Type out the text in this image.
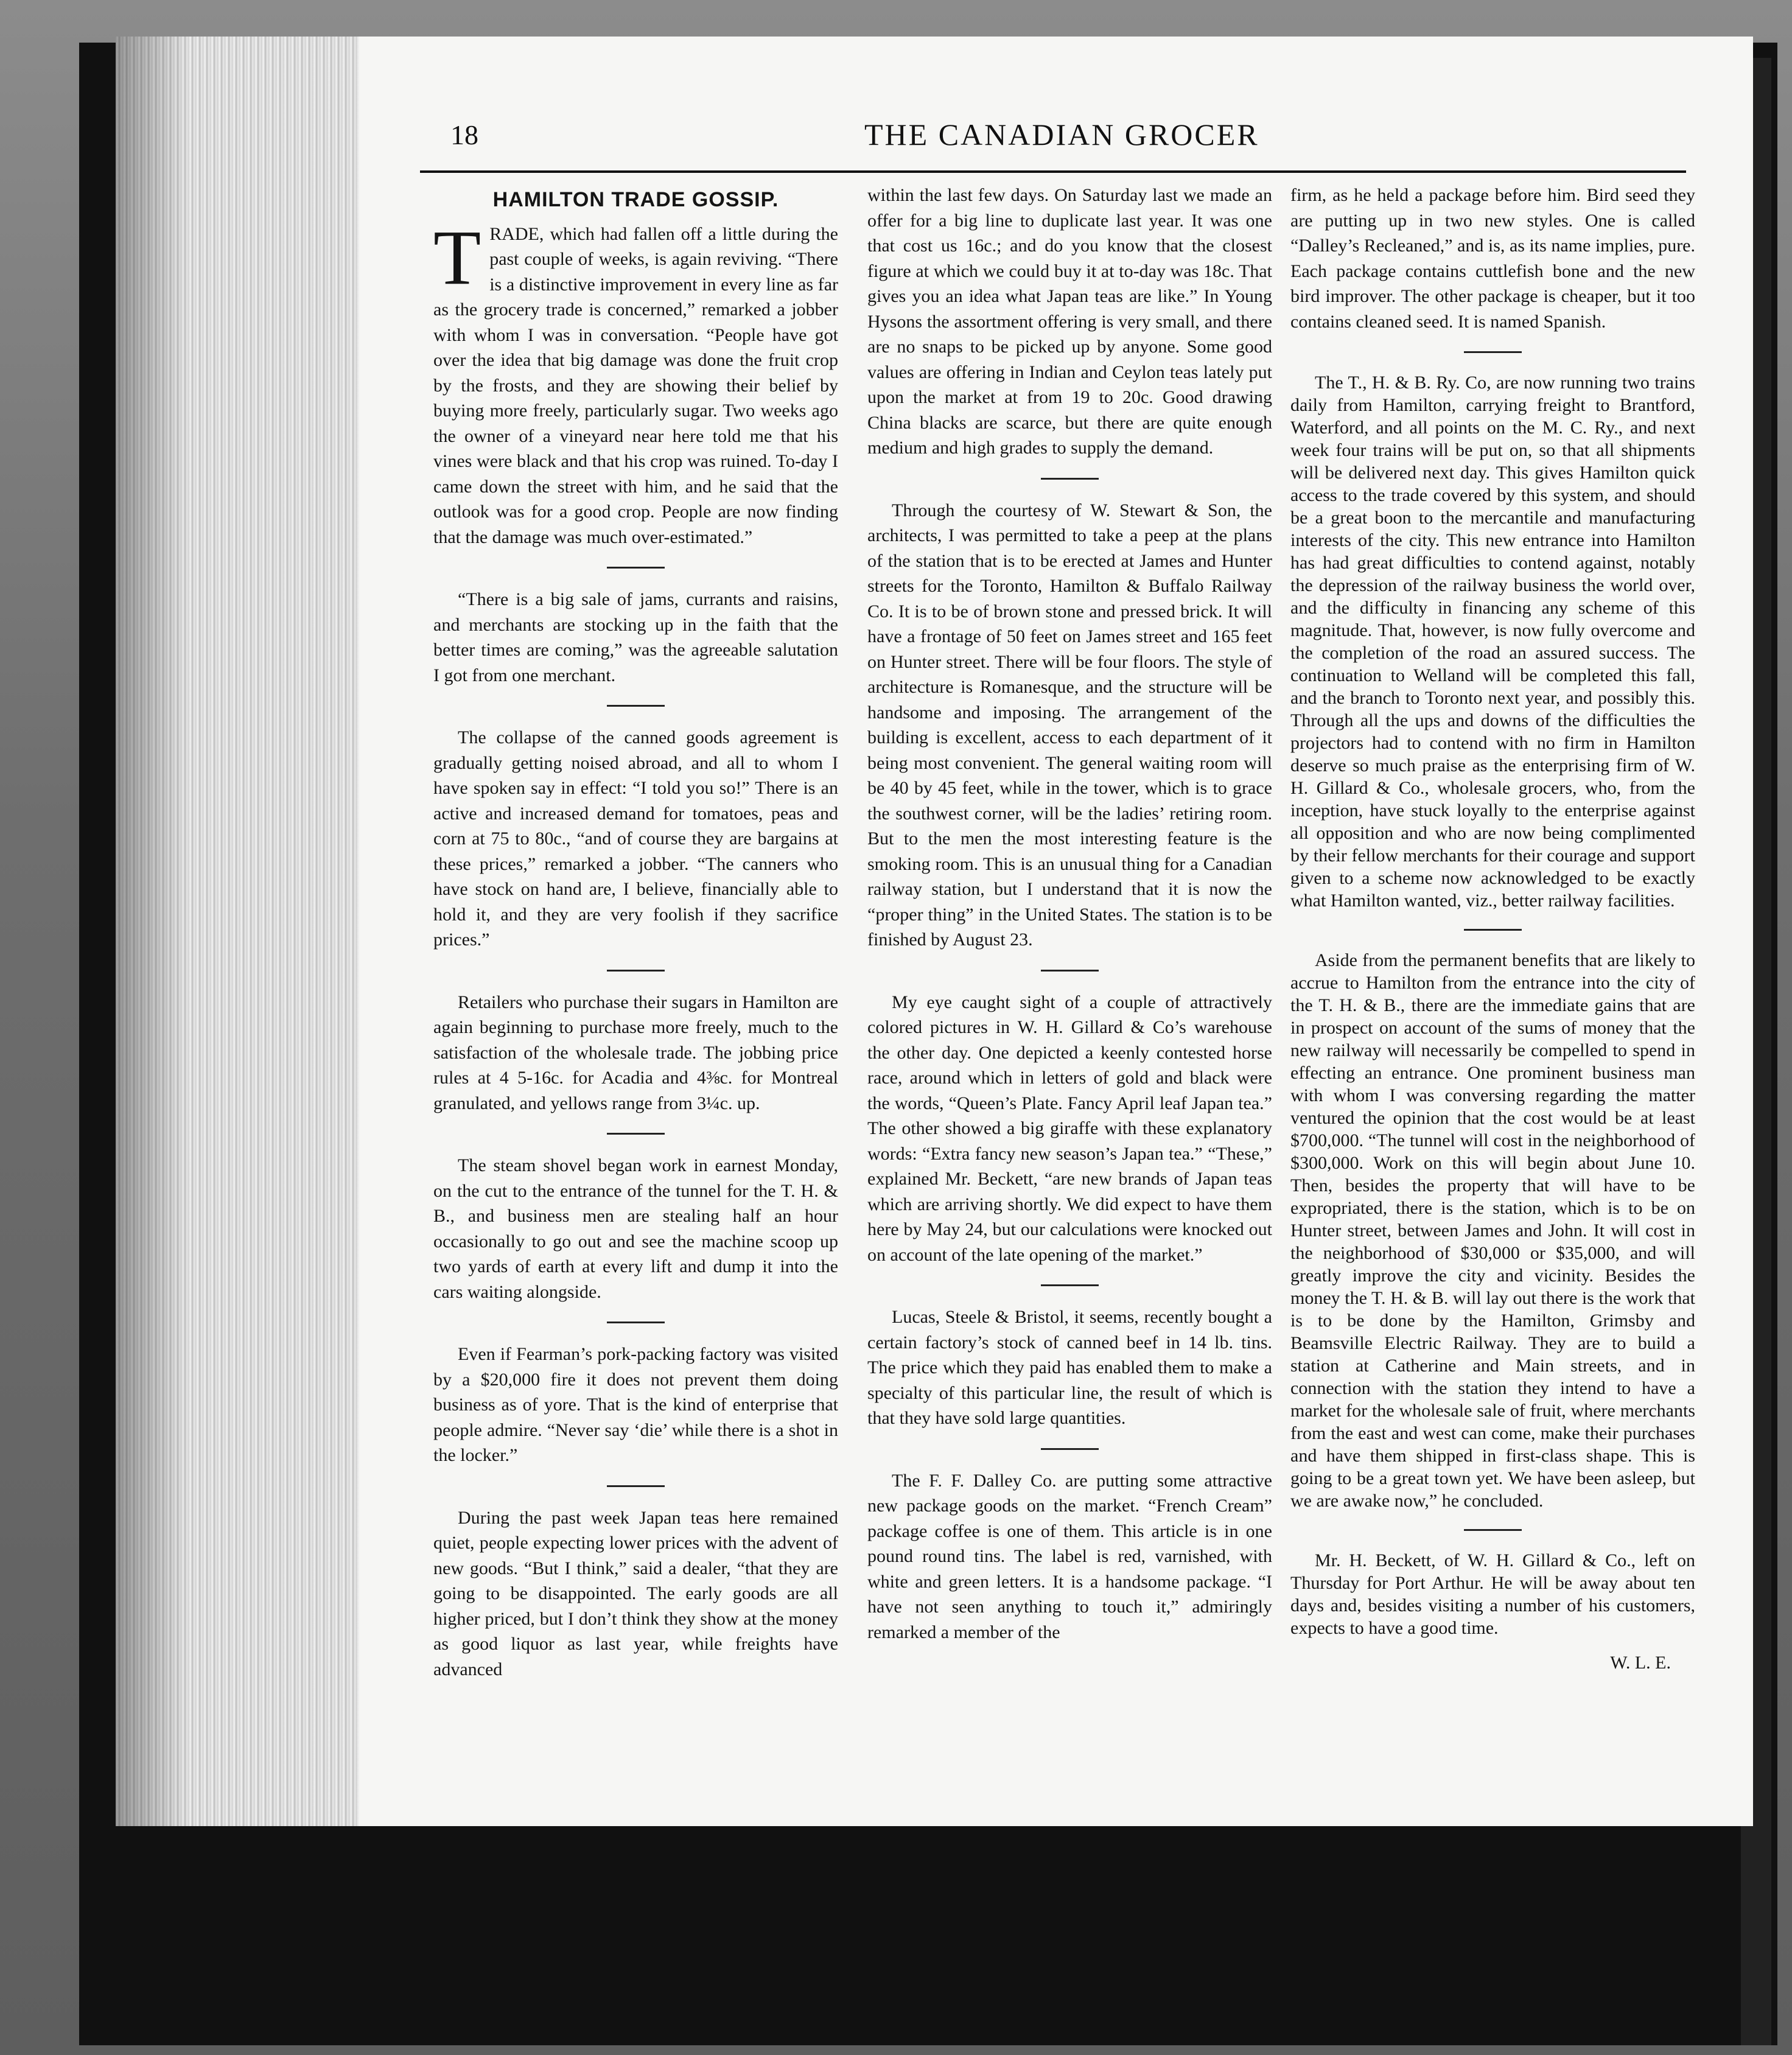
18	THE CANADIAN GROCER
HAMILTON TRADE GOSSIP.

TRADE, which had fallen off a little during the past couple of weeks, is again reviving. “There is a distinctive improvement in every line as far as the grocery trade is concerned,” remarked a jobber with whom I was in conversation. “People have got over the idea that big damage was done the fruit crop by the frosts, and they are showing their belief by buying more freely, particularly sugar. Two weeks ago the owner of a vineyard near here told me that his vines were black and that his crop was ruined. To-day I came down the street with him, and he said that the outlook was for a good crop. People are now finding that the damage was much over-estimated.”

“There is a big sale of jams, currants and raisins, and merchants are stocking up in the faith that the better times are coming,” was the agreeable salutation I got from one merchant.

The collapse of the canned goods agreement is gradually getting noised abroad, and all to whom I have spoken say in effect: “I told you so!” There is an active and increased demand for tomatoes, peas and corn at 75 to 80c., “and of course they are bargains at these prices,” remarked a jobber. “The canners who have stock on hand are, I believe, financially able to hold it, and they are very foolish if they sacrifice prices.”

Retailers who purchase their sugars in Hamilton are again beginning to purchase more freely, much to the satisfaction of the wholesale trade. The jobbing price rules at 4 5-16c. for Acadia and 4⅜c. for Montreal granulated, and yellows range from 3¼c. up.

The steam shovel began work in earnest Monday, on the cut to the entrance of the tunnel for the T. H. & B., and business men are stealing half an hour occasionally to go out and see the machine scoop up two yards of earth at every lift and dump it into the cars waiting alongside.

Even if Fearman’s pork-packing factory was visited by a $20,000 fire it does not prevent them doing business as of yore. That is the kind of enterprise that people admire. “Never say ‘die’ while there is a shot in the locker.”

During the past week Japan teas here remained quiet, people expecting lower prices with the advent of new goods. “But I think,” said a dealer, “that they are going to be disappointed. The early goods are all higher priced, but I don’t think they show at the money as good liquor as last year, while freights have advanced

within the last few days. On Saturday last we made an offer for a big line to duplicate last year. It was one that cost us 16c.; and do you know that the closest figure at which we could buy it at to-day was 18c. That gives you an idea what Japan teas are like.” In Young Hysons the assortment offering is very small, and there are no snaps to be picked up by anyone. Some good values are offering in Indian and Ceylon teas lately put upon the market at from 19 to 20c. Good drawing China blacks are scarce, but there are quite enough medium and high grades to supply the demand.

Through the courtesy of W. Stewart & Son, the architects, I was permitted to take a peep at the plans of the station that is to be erected at James and Hunter streets for the Toronto, Hamilton & Buffalo Railway Co. It is to be of brown stone and pressed brick. It will have a frontage of 50 feet on James street and 165 feet on Hunter street. There will be four floors. The style of architecture is Romanesque, and the structure will be handsome and imposing. The arrangement of the building is excellent, access to each department of it being most convenient. The general waiting room will be 40 by 45 feet, while in the tower, which is to grace the southwest corner, will be the ladies’ retiring room. But to the men the most interesting feature is the smoking room. This is an unusual thing for a Canadian railway station, but I understand that it is now the “proper thing” in the United States. The station is to be finished by August 23.

My eye caught sight of a couple of attractively colored pictures in W. H. Gillard & Co’s warehouse the other day. One depicted a keenly contested horse race, around which in letters of gold and black were the words, “Queen’s Plate. Fancy April leaf Japan tea.” The other showed a big giraffe with these explanatory words: “Extra fancy new season’s Japan tea.” “These,” explained Mr. Beckett, “are new brands of Japan teas which are arriving shortly. We did expect to have them here by May 24, but our calculations were knocked out on account of the late opening of the market.”

Lucas, Steele & Bristol, it seems, recently bought a certain factory’s stock of canned beef in 14 lb. tins. The price which they paid has enabled them to make a specialty of this particular line, the result of which is that they have sold large quantities.

The F. F. Dalley Co. are putting some attractive new package goods on the market. “French Cream” package coffee is one of them. This article is in one pound round tins. The label is red, varnished, with white and green letters. It is a handsome package. “I have not seen anything to touch it,” admiringly remarked a member of the

firm, as he held a package before him. Bird seed they are putting up in two new styles. One is called “Dalley’s Recleaned,” and is, as its name implies, pure. Each package contains cuttlefish bone and the new bird improver. The other package is cheaper, but it too contains cleaned seed. It is named Spanish.

The T., H. & B. Ry. Co, are now running two trains daily from Hamilton, carrying freight to Brantford, Waterford, and all points on the M. C. Ry., and next week four trains will be put on, so that all shipments will be delivered next day. This gives Hamilton quick access to the trade covered by this system, and should be a great boon to the mercantile and manufacturing interests of the city. This new entrance into Hamilton has had great difficulties to contend against, notably the depression of the railway business the world over, and the difficulty in financing any scheme of this magnitude. That, however, is now fully overcome and the completion of the road an assured success. The continuation to Welland will be completed this fall, and the branch to Toronto next year, and possibly this. Through all the ups and downs of the difficulties the projectors had to contend with no firm in Hamilton deserve so much praise as the enterprising firm of W. H. Gillard & Co., wholesale grocers, who, from the inception, have stuck loyally to the enterprise against all opposition and who are now being complimented by their fellow merchants for their courage and support given to a scheme now acknowledged to be exactly what Hamilton wanted, viz., better railway facilities.

Aside from the permanent benefits that are likely to accrue to Hamilton from the entrance into the city of the T. H. & B., there are the immediate gains that are in prospect on account of the sums of money that the new railway will necessarily be compelled to spend in effecting an entrance. One prominent business man with whom I was conversing regarding the matter ventured the opinion that the cost would be at least $700,000. “The tunnel will cost in the neighborhood of $300,000. Work on this will begin about June 10. Then, besides the property that will have to be expropriated, there is the station, which is to be on Hunter street, between James and John. It will cost in the neighborhood of $30,000 or $35,000, and will greatly improve the city and vicinity. Besides the money the T. H. & B. will lay out there is the work that is to be done by the Hamilton, Grimsby and Beamsville Electric Railway. They are to build a station at Catherine and Main streets, and in connection with the station they intend to have a market for the wholesale sale of fruit, where merchants from the east and west can come, make their purchases and have them shipped in first-class shape. This is going to be a great town yet. We have been asleep, but we are awake now,” he concluded.

Mr. H. Beckett, of W. H. Gillard & Co., left on Thursday for Port Arthur. He will be away about ten days and, besides visiting a number of his customers, expects to have a good time.

W. L. E.
